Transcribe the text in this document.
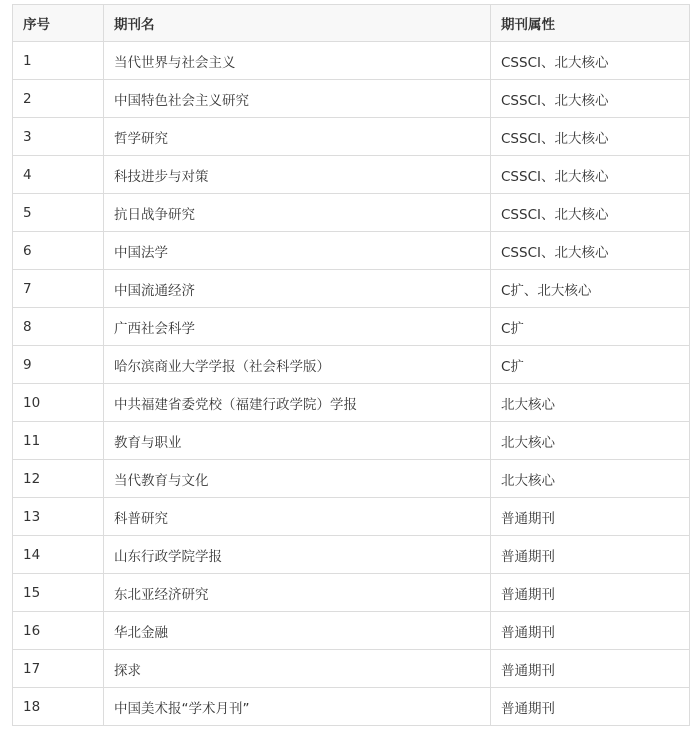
序号	期刊名	期刊属性
1	当代世界与社会主义	CSSCI、北大核心
2	中国特色社会主义研究	CSSCI、北大核心
3	哲学研究	CSSCI、北大核心
4	科技进步与对策	CSSCI、北大核心
5	抗日战争研究	CSSCI、北大核心
6	中国法学	CSSCI、北大核心
7	中国流通经济	C扩、北大核心
8	广西社会科学	C扩
9	哈尔滨商业大学学报（社会科学版）	C扩
10	中共福建省委党校（福建行政学院）学报	北大核心
11	教育与职业	北大核心
12	当代教育与文化	北大核心
13	科普研究	普通期刊
14	山东行政学院学报	普通期刊
15	东北亚经济研究	普通期刊
16	华北金融	普通期刊
17	探求	普通期刊
18	中国美术报“学术月刊”	普通期刊
